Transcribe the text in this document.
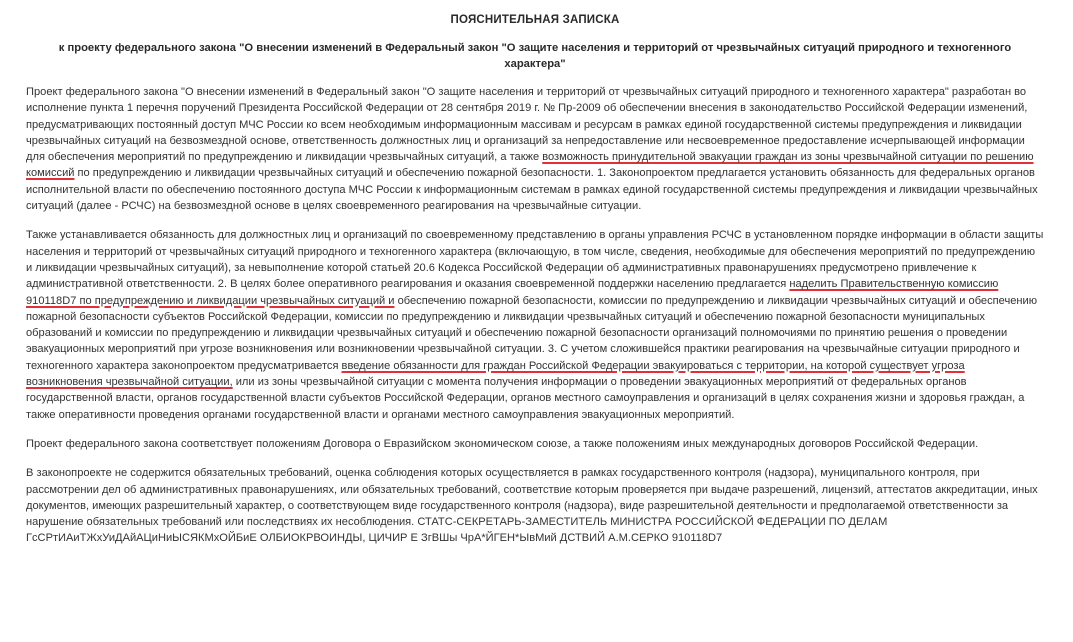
ПОЯСНИТЕЛЬНАЯ ЗАПИСКА
к проекту федерального закона "О внесении изменений в Федеральный закон "О защите населения и территорий от чрезвычайных ситуаций природного и техногенного характера"

Проект федерального закона "О внесении изменений в Федеральный закон "О защите населения и территорий от чрезвычайных ситуаций природного и техногенного характера" разработан во исполнение пункта 1 перечня поручений Президента Российской Федерации от 28 сентября 2019 г. № Пр-2009 об обеспечении внесения в законодательство Российской Федерации изменений, предусматривающих постоянный доступ МЧС России ко всем необходимым информационным массивам и ресурсам в рамках единой государственной системы предупреждения и ликвидации чрезвычайных ситуаций на безвозмездной основе, ответственность должностных лиц и организаций за непредоставление или несвоевременное предоставление исчерпывающей информации для обеспечения мероприятий по предупреждению и ликвидации чрезвычайных ситуаций, а также возможность принудительной эвакуации граждан из зоны чрезвычайной ситуации по решению комиссий по предупреждению и ликвидации чрезвычайных ситуаций и обеспечению пожарной безопасности. 1. Законопроектом предлагается установить обязанность для федеральных органов исполнительной власти по обеспечению постоянного доступа МЧС России к информационным системам в рамках единой государственной системы предупреждения и ликвидации чрезвычайных ситуаций (далее - РСЧС) на безвозмездной основе в целях своевременного реагирования на чрезвычайные ситуации.

Также устанавливается обязанность для должностных лиц и организаций по своевременному представлению в органы управления РСЧС в установленном порядке информации в области защиты населения и территорий от чрезвычайных ситуаций природного и техногенного характера (включающую, в том числе, сведения, необходимые для обеспечения мероприятий по предупреждению и ликвидации чрезвычайных ситуаций), за невыполнение которой статьей 20.6 Кодекса Российской Федерации об административных правонарушениях предусмотрено привлечение к административной ответственности. 2. В целях более оперативного реагирования и оказания своевременной поддержки населению предлагается наделить Правительственную комиссию 910118D7 по предупреждению и ликвидации чрезвычайных ситуаций и обеспечению пожарной безопасности, комиссии по предупреждению и ликвидации чрезвычайных ситуаций и обеспечению пожарной безопасности субъектов Российской Федерации, комиссии по предупреждению и ликвидации чрезвычайных ситуаций и обеспечению пожарной безопасности муниципальных образований и комиссии по предупреждению и ликвидации чрезвычайных ситуаций и обеспечению пожарной безопасности организаций полномочиями по принятию решения о проведении эвакуационных мероприятий при угрозе возникновения или возникновении чрезвычайной ситуации. 3. С учетом сложившейся практики реагирования на чрезвычайные ситуации природного и техногенного характера законопроектом предусматривается введение обязанности для граждан Российской Федерации эвакуироваться с территории, на которой существует угроза возникновения чрезвычайной ситуации, или из зоны чрезвычайной ситуации с момента получения информации о проведении эвакуационных мероприятий от федеральных органов государственной власти, органов государственной власти субъектов Российской Федерации, органов местного самоуправления и организаций в целях сохранения жизни и здоровья граждан, а также оперативности проведения органами государственной власти и органами местного самоуправления эвакуационных мероприятий.

Проект федерального закона соответствует положениям Договора о Евразийском экономическом союзе, а также положениям иных международных договоров Российской Федерации.

В законопроекте не содержится обязательных требований, оценка соблюдения которых осуществляется в рамках государственного контроля (надзора), муниципального контроля, при рассмотрении дел об административных правонарушениях, или обязательных требований, соответствие которым проверяется при выдаче разрешений, лицензий, аттестатов аккредитации, иных документов, имеющих разрешительный характер, о соответствующем виде государственного контроля (надзора), виде разрешительной деятельности и предполагаемой ответственности за нарушение обязательных требований или последствиях их несоблюдения. СТАТС-СЕКРЕТАРЬ-ЗАМЕСТИТЕЛЬ МИНИСТРА РОССИЙСКОЙ ФЕДЕРАЦИИ ПО ДЕЛАМ ГсСРтИАиТЖхУиДАйАЦиНиЫСЯКМхОЙБиЕ ОЛБИОКРВОИНДЫ, ЦИЧИР Е ЗгВШы ЧрА*ЙГЕН*ЫвМий ДСТВИЙ А.М.СЕРКО 910118D7
